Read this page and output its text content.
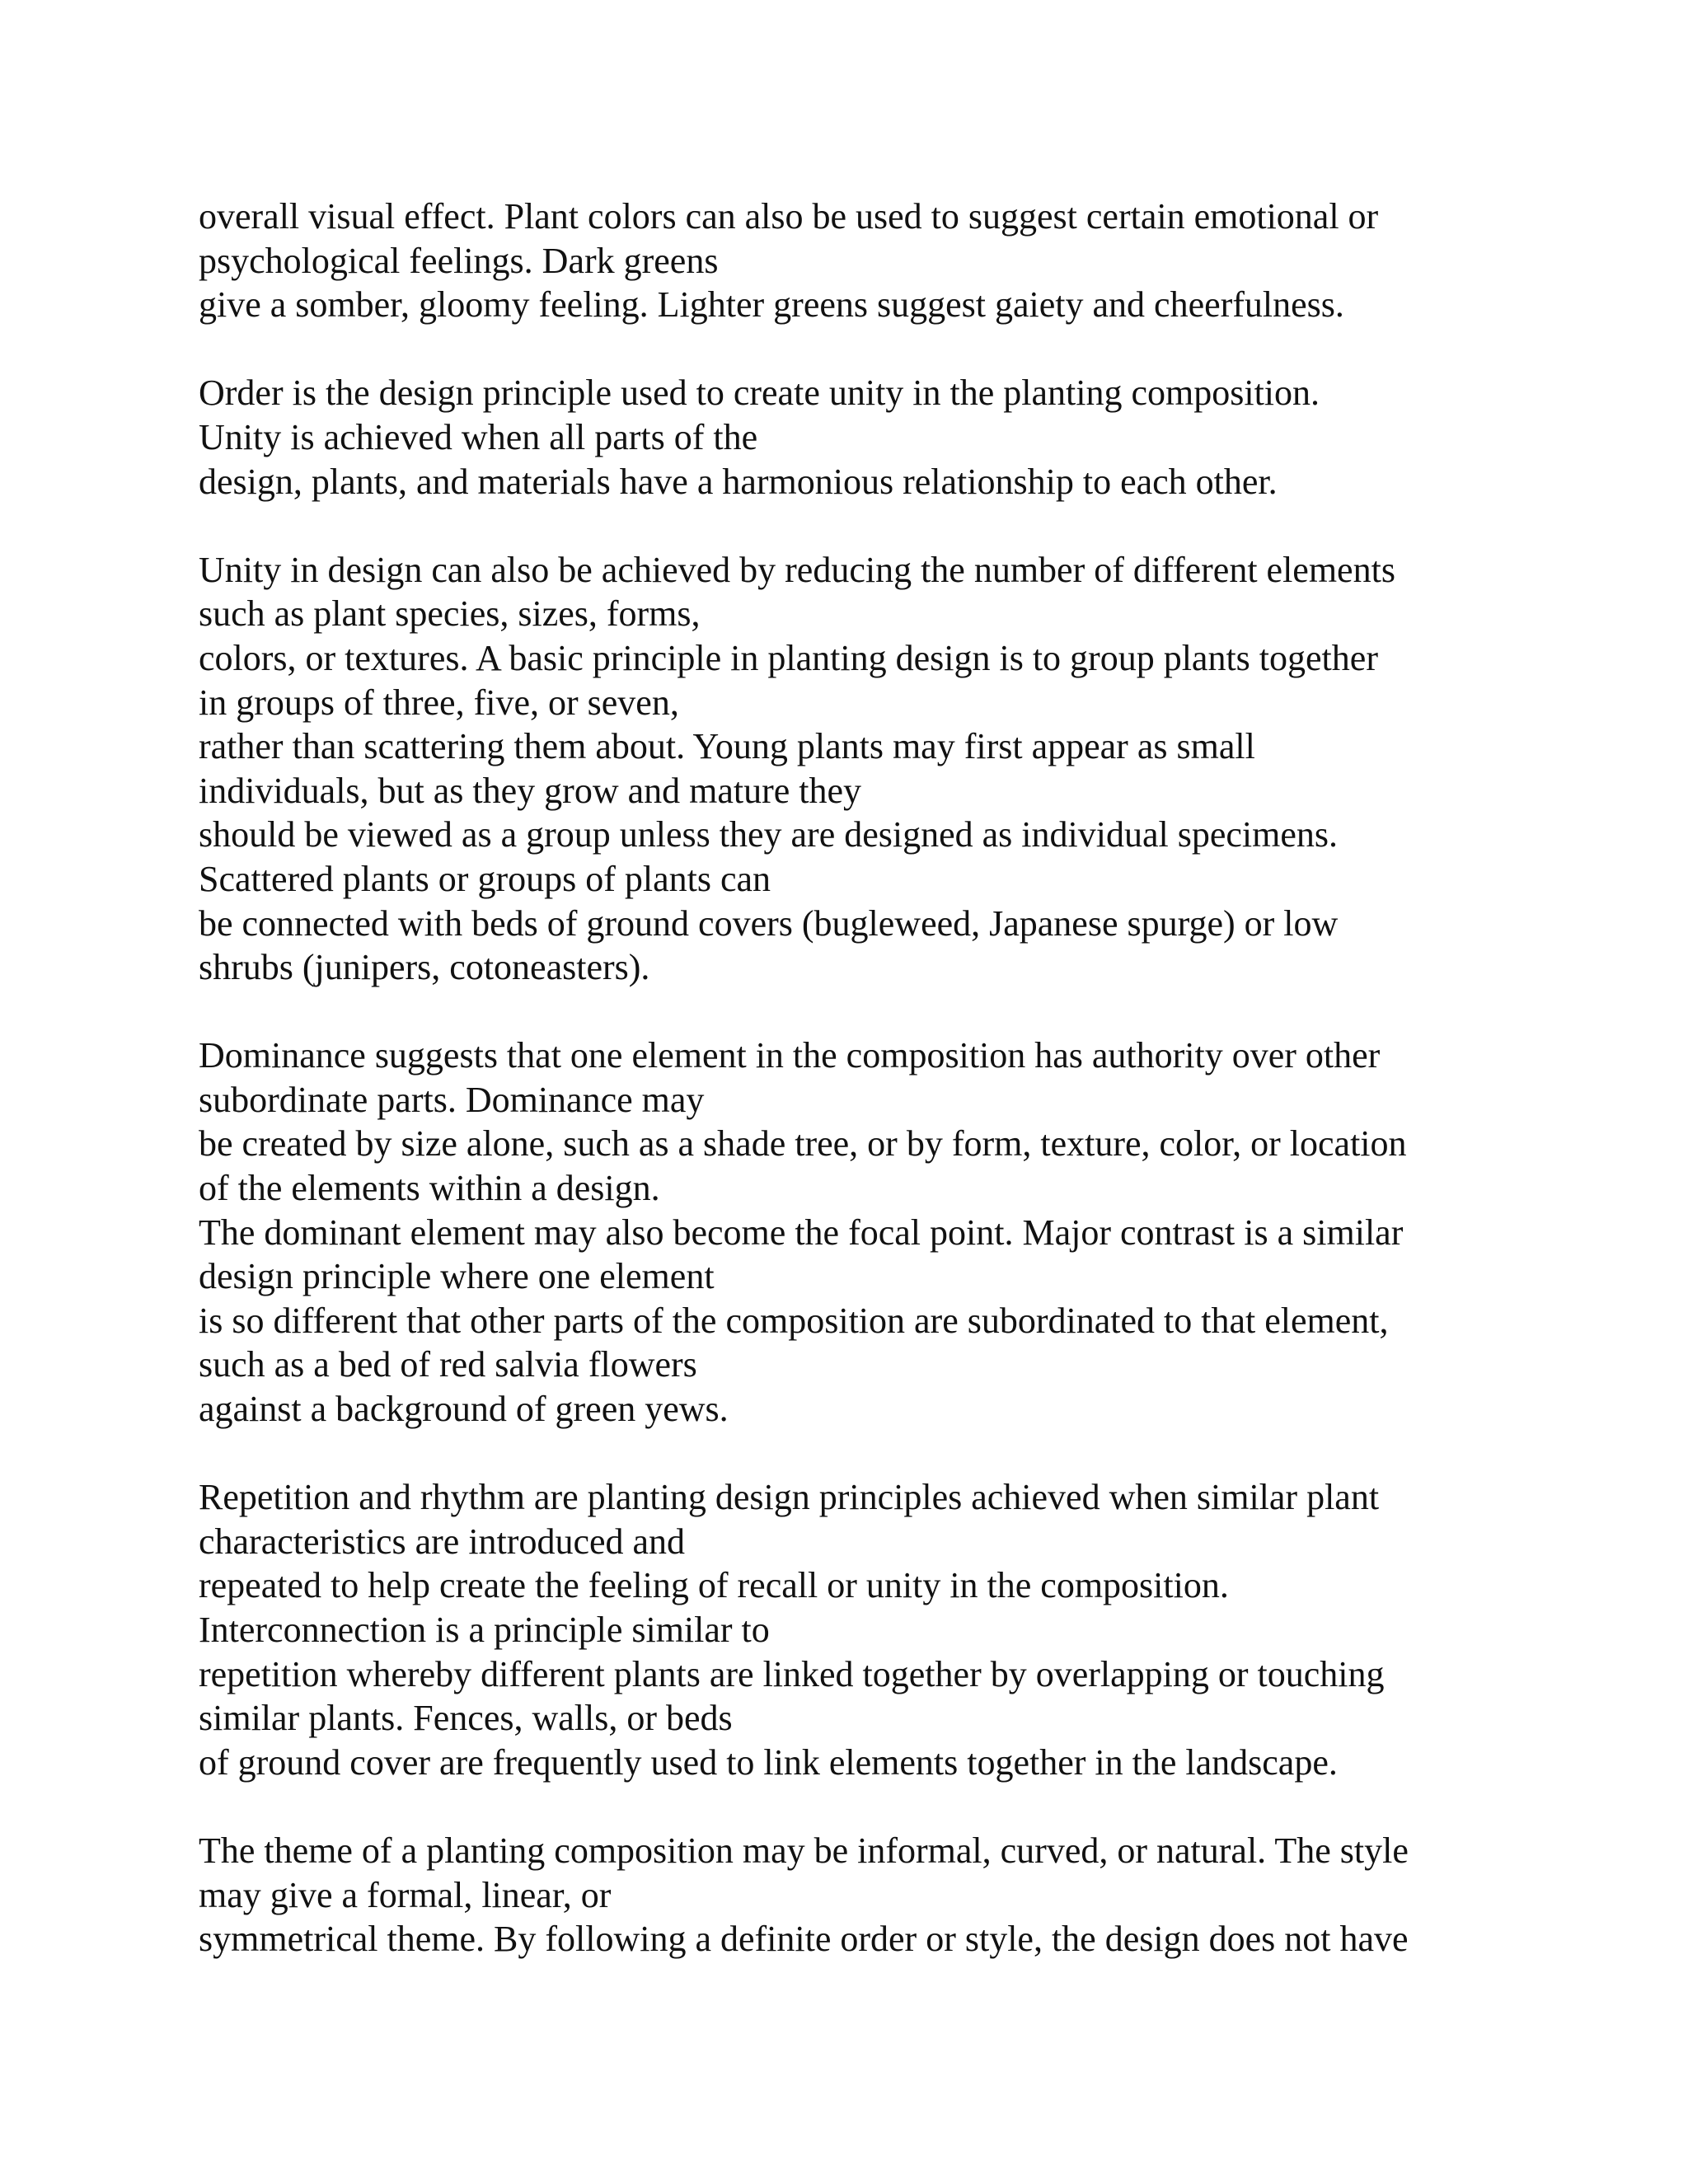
overall visual effect. Plant colors can also be used to suggest certain emotional or
psychological feelings. Dark greens
give a somber, gloomy feeling. Lighter greens suggest gaiety and cheerfulness.

Order is the design principle used to create unity in the planting composition.
Unity is achieved when all parts of the
design, plants, and materials have a harmonious relationship to each other.

Unity in design can also be achieved by reducing the number of different elements
such as plant species, sizes, forms,
colors, or textures. A basic principle in planting design is to group plants together
in groups of three, five, or seven,
rather than scattering them about. Young plants may first appear as small
individuals, but as they grow and mature they
should be viewed as a group unless they are designed as individual specimens.
Scattered plants or groups of plants can
be connected with beds of ground covers (bugleweed, Japanese spurge) or low
shrubs (junipers, cotoneasters).

Dominance suggests that one element in the composition has authority over other
subordinate parts. Dominance may
be created by size alone, such as a shade tree, or by form, texture, color, or location
of the elements within a design.
The dominant element may also become the focal point. Major contrast is a similar
design principle where one element
is so different that other parts of the composition are subordinated to that element,
such as a bed of red salvia flowers
against a background of green yews.

Repetition and rhythm are planting design principles achieved when similar plant
characteristics are introduced and
repeated to help create the feeling of recall or unity in the composition.
Interconnection is a principle similar to
repetition whereby different plants are linked together by overlapping or touching
similar plants. Fences, walls, or beds
of ground cover are frequently used to link elements together in the landscape.

The theme of a planting composition may be informal, curved, or natural. The style
may give a formal, linear, or
symmetrical theme. By following a definite order or style, the design does not have
